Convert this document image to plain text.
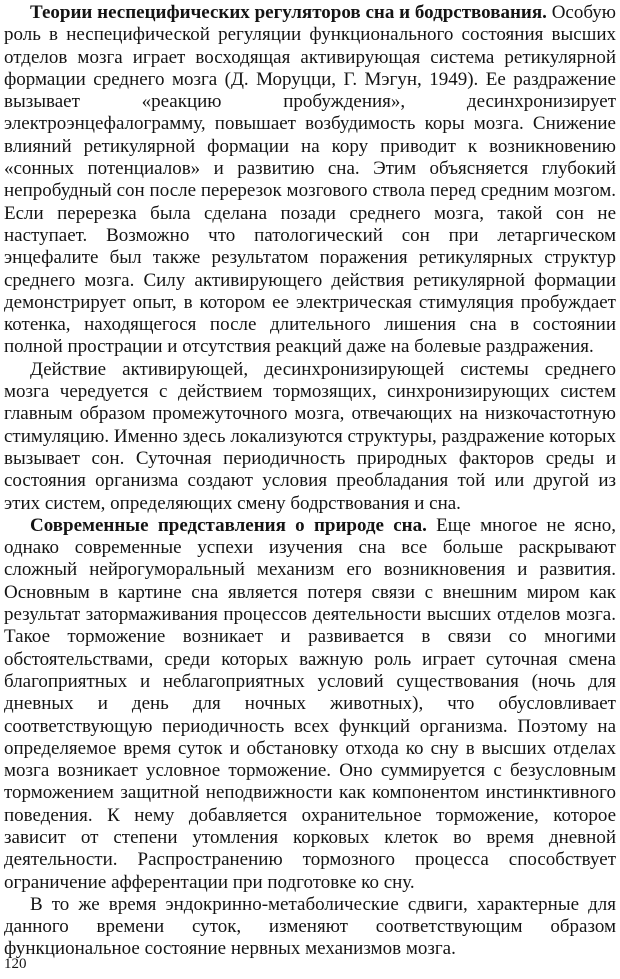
Теории неспецифических регуляторов сна и бодрствования. Особую роль в неспецифической регуляции функционального состояния высших отделов мозга играет восходящая активирующая система ретикулярной формации среднего мозга (Д. Моруцци, Г. Мэгун, 1949). Ее раздражение вызывает «реакцию пробуждения», десинхронизирует электроэнцефалограмму, повышает возбудимость коры мозга. Снижение влияний ретикулярной формации на кору приводит к возникновению «сонных потенциалов» и развитию сна. Этим объясняется глубокий непробудный сон после перерезок мозгового ствола перед средним мозгом. Если перерезка была сделана позади среднего мозга, такой сон не наступает. Возможно что патологический сон при летаргическом энцефалите был также результатом поражения ретикулярных структур среднего мозга. Силу активирующего действия ретикулярной формации демонстрирует опыт, в котором ее электрическая стимуляция пробуждает котенка, находящегося после длительного лишения сна в состоянии полной прострации и отсутствия реакций даже на болевые раздражения.

Действие активирующей, десинхронизирующей системы среднего мозга чередуется с действием тормозящих, синхронизирующих систем главным образом промежуточного мозга, отвечающих на низкочастотную стимуляцию. Именно здесь локализуются структуры, раздражение которых вызывает сон. Суточная периодичность природных факторов среды и состояния организма создают условия преобладания той или другой из этих систем, определяющих смену бодрствования и сна.

Современные представления о природе сна. Еще многое не ясно, однако современные успехи изучения сна все больше раскрывают сложный нейрогуморальный механизм его возникновения и развития. Основным в картине сна является потеря связи с внешним миром как результат затормаживания процессов деятельности высших отделов мозга. Такое торможение возникает и развивается в связи со многими обстоятельствами, среди которых важную роль играет суточная смена благоприятных и неблагоприятных условий существования (ночь для дневных и день для ночных животных), что обусловливает соответствующую периодичность всех функций организма. Поэтому на определяемое время суток и обстановку отхода ко сну в высших отделах мозга возникает условное торможение. Оно суммируется с безусловным торможением защитной неподвижности как компонентом инстинктивного поведения. К нему добавляется охранительное торможение, которое зависит от степени утомления корковых клеток во время дневной деятельности. Распространению тормозного процесса способствует ограничение афферентации при подготовке ко сну.

В то же время эндокринно-метаболические сдвиги, характерные для данного времени суток, изменяют соответствующим образом функциональное состояние нервных механизмов мозга.

120
